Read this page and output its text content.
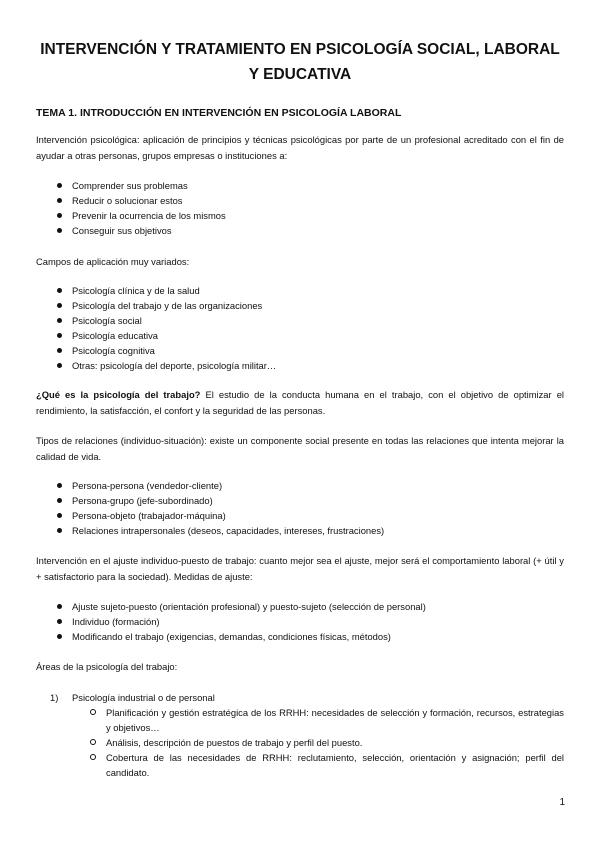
INTERVENCIÓN Y TRATAMIENTO EN PSICOLOGÍA SOCIAL, LABORAL Y EDUCATIVA
TEMA 1. INTRODUCCIÓN EN INTERVENCIÓN EN PSICOLOGÍA LABORAL
Intervención psicológica: aplicación de principios y técnicas psicológicas por parte de un profesional acreditado con el fin de ayudar a otras personas, grupos empresas o instituciones a:
Comprender sus problemas
Reducir o solucionar estos
Prevenir la ocurrencia de los mismos
Conseguir sus objetivos
Campos de aplicación muy variados:
Psicología clínica y de la salud
Psicología del trabajo y de las organizaciones
Psicología social
Psicología educativa
Psicología cognitiva
Otras: psicología del deporte, psicología militar…
¿Qué es la psicología del trabajo? El estudio de la conducta humana en el trabajo, con el objetivo de optimizar el rendimiento, la satisfacción, el confort y la seguridad de las personas.
Tipos de relaciones (individuo-situación): existe un componente social presente en todas las relaciones que intenta mejorar la calidad de vida.
Persona-persona (vendedor-cliente)
Persona-grupo (jefe-subordinado)
Persona-objeto (trabajador-máquina)
Relaciones intrapersonales (deseos, capacidades, intereses, frustraciones)
Intervención en el ajuste individuo-puesto de trabajo: cuanto mejor sea el ajuste, mejor será el comportamiento laboral (+ útil y + satisfactorio para la sociedad). Medidas de ajuste:
Ajuste sujeto-puesto (orientación profesional) y puesto-sujeto (selección de personal)
Individuo (formación)
Modificando el trabajo (exigencias, demandas, condiciones físicas, métodos)
Áreas de la psicología del trabajo:
1) Psicología industrial o de personal
Planificación y gestión estratégica de los RRHH: necesidades de selección y formación, recursos, estrategias y objetivos…
Análisis, descripción de puestos de trabajo y perfil del puesto.
Cobertura de las necesidades de RRHH: reclutamiento, selección, orientación y asignación; perfil del candidato.
1
